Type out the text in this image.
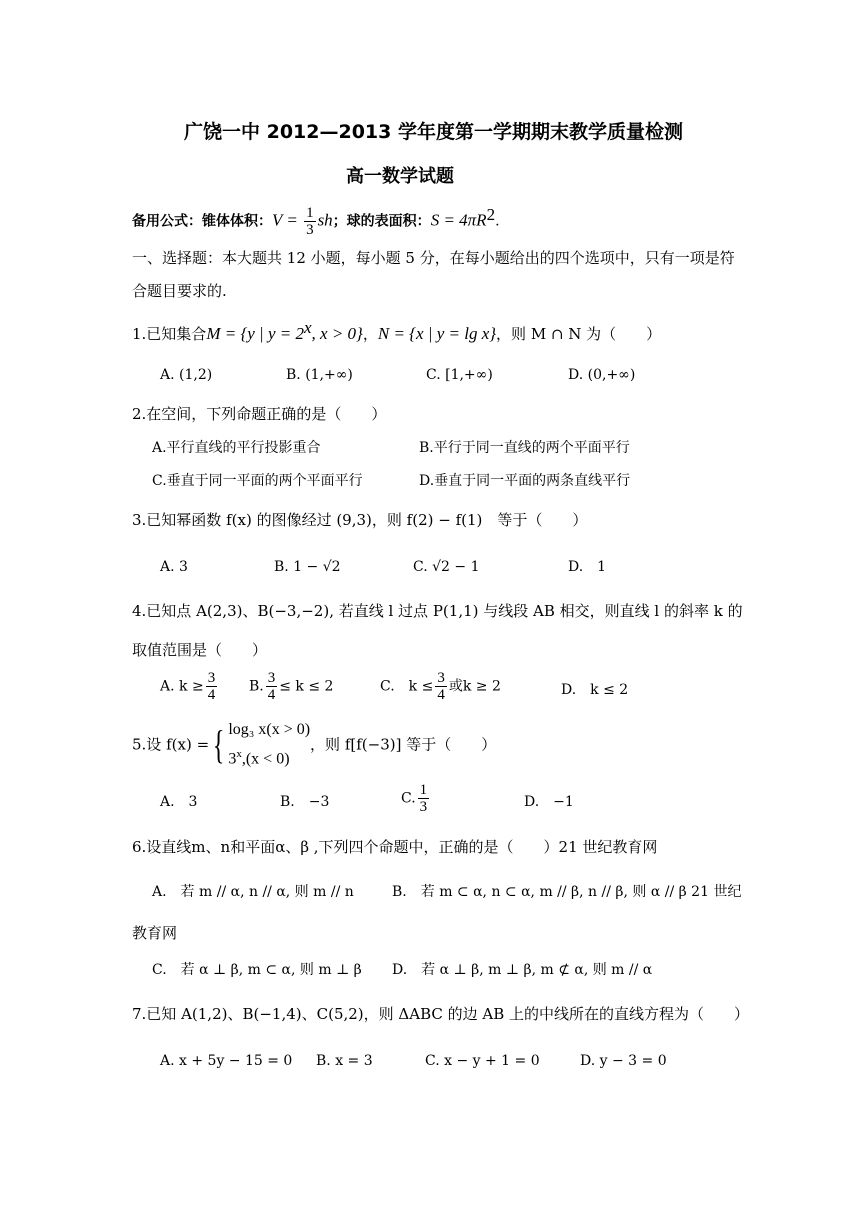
广饶一中 2012—2013 学年度第一学期期末教学质量检测
高一数学试题
备用公式：锥体体积：$V = \frac{1}{3}$ sh；球的表面积：$S = 4\pi R^2$.
一、选择题：本大题共 12 小题，每小题 5 分，在每小题给出的四个选项中，只有一项是符
合题目要求的.
1.已知集合M = {y | $y = 2^x$, x > 0}，N = {x | y = lg x}，则 M ∩ N 为（　　）
A. (1,2)	B. (1,+∞)	C. [1,+∞)	D. (0,+∞)
2.在空间，下列命题正确的是（　　）
A.平行直线的平行投影重合	B.平行于同一直线的两个平面平行
C.垂直于同一平面的两个平面平行	D.垂直于同一平面的两条直线平行
3.已知幂函数 f(x) 的图像经过 (9,3)，则 f(2) − f(1)　等于（　　）
A. 3	B. 1 − √2	C. √2 − 1	D.　1
4.已知点 A(2,3)、B(−3,−2), 若直线 l 过点 P(1,1) 与线段 AB 相交，则直线 l 的斜率 k 的
取值范围是（　　）
A. $k \ge \frac{3}{4} B$. $\frac{3}{4} \le k \le 2$	C.　$k \le \frac{3}{4}$ 或k ≥ 2	D.　k ≤ 2
5.设 f(x) ={ log₃ x(x > 0)
$3^x,(x < 0)$
，则 f[f(−3)] 等于（　　）
A.　3	B.　−3	C. $\frac{1}{3}$	D.　−1
6.设直线m、n和平面α、β ,下列四个命题中，正确的是（　　）21 世纪教育网
A.　若 m // α, n // α, 则 m // n	B.　若 m ⊂ α, n ⊂ α, m // β, n // β, 则 α // β 21 世纪
教育网
C.　若 α ⊥ β, m ⊂ α, 则 m ⊥ β D.　若 α ⊥ β, m ⊥ β, m ⊄ α, 则 m // α
7.已知 A(1,2)、B(−1,4)、C(5,2)，则 ΔABC 的边 AB 上的中线所在的直线方程为（　　）
A. x + 5y − 15 = 0 B. x = 3	C. x − y + 1 = 0	D. y − 3 = 0
